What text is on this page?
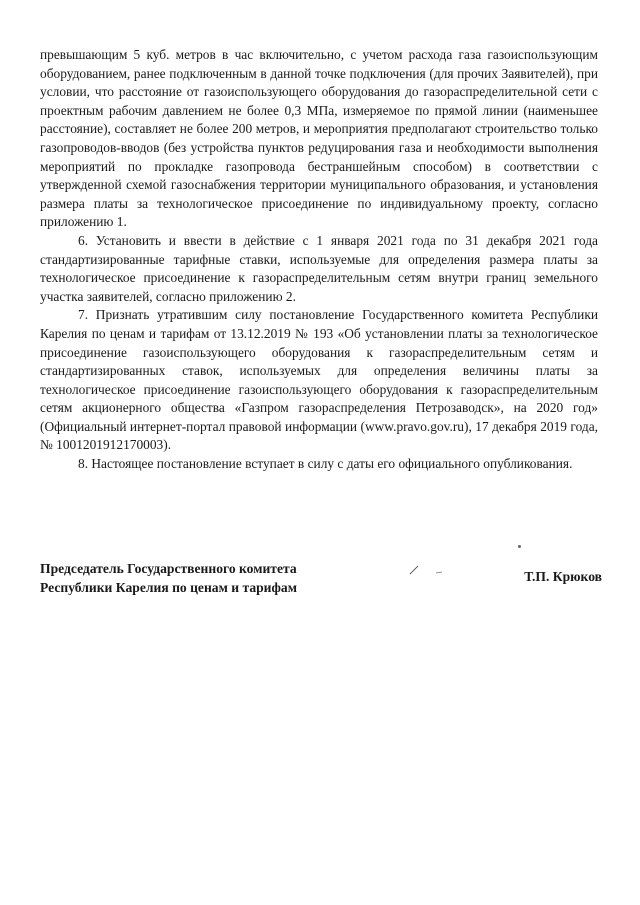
превышающим 5 куб. метров в час включительно, с учетом расхода газа газоиспользующим оборудованием, ранее подключенным в данной точке подключения (для прочих Заявителей), при условии, что расстояние от газоиспользующего оборудования до газораспределительной сети с проектным рабочим давлением не более 0,3 МПа, измеряемое по прямой линии (наименьшее расстояние), составляет не более 200 метров, и мероприятия предполагают строительство только газопроводов-вводов (без устройства пунктов редуцирования газа и необходимости выполнения мероприятий по прокладке газопровода бестраншейным способом) в соответствии с утвержденной схемой газоснабжения территории муниципального образования, и установления размера платы за технологическое присоединение по индивидуальному проекту, согласно приложению 1.

6. Установить и ввести в действие с 1 января 2021 года по 31 декабря 2021 года стандартизированные тарифные ставки, используемые для определения размера платы за технологическое присоединение к газораспределительным сетям внутри границ земельного участка заявителей, согласно приложению 2.

7. Признать утратившим силу постановление Государственного комитета Республики Карелия по ценам и тарифам от 13.12.2019 № 193 «Об установлении платы за технологическое присоединение газоиспользующего оборудования к газораспределительным сетям и стандартизированных ставок, используемых для определения величины платы за технологическое присоединение газоиспользующего оборудования к газораспределительным сетям акционерного общества «Газпром газораспределения Петрозаводск», на 2020 год» (Официальный интернет-портал правовой информации (www.pravo.gov.ru), 17 декабря 2019 года, № 1001201912170003).

8. Настоящее постановление вступает в силу с даты его официального опубликования.

Председатель Государственного комитета
Республики Карелия по ценам и тарифам
Т.П. Крюков
